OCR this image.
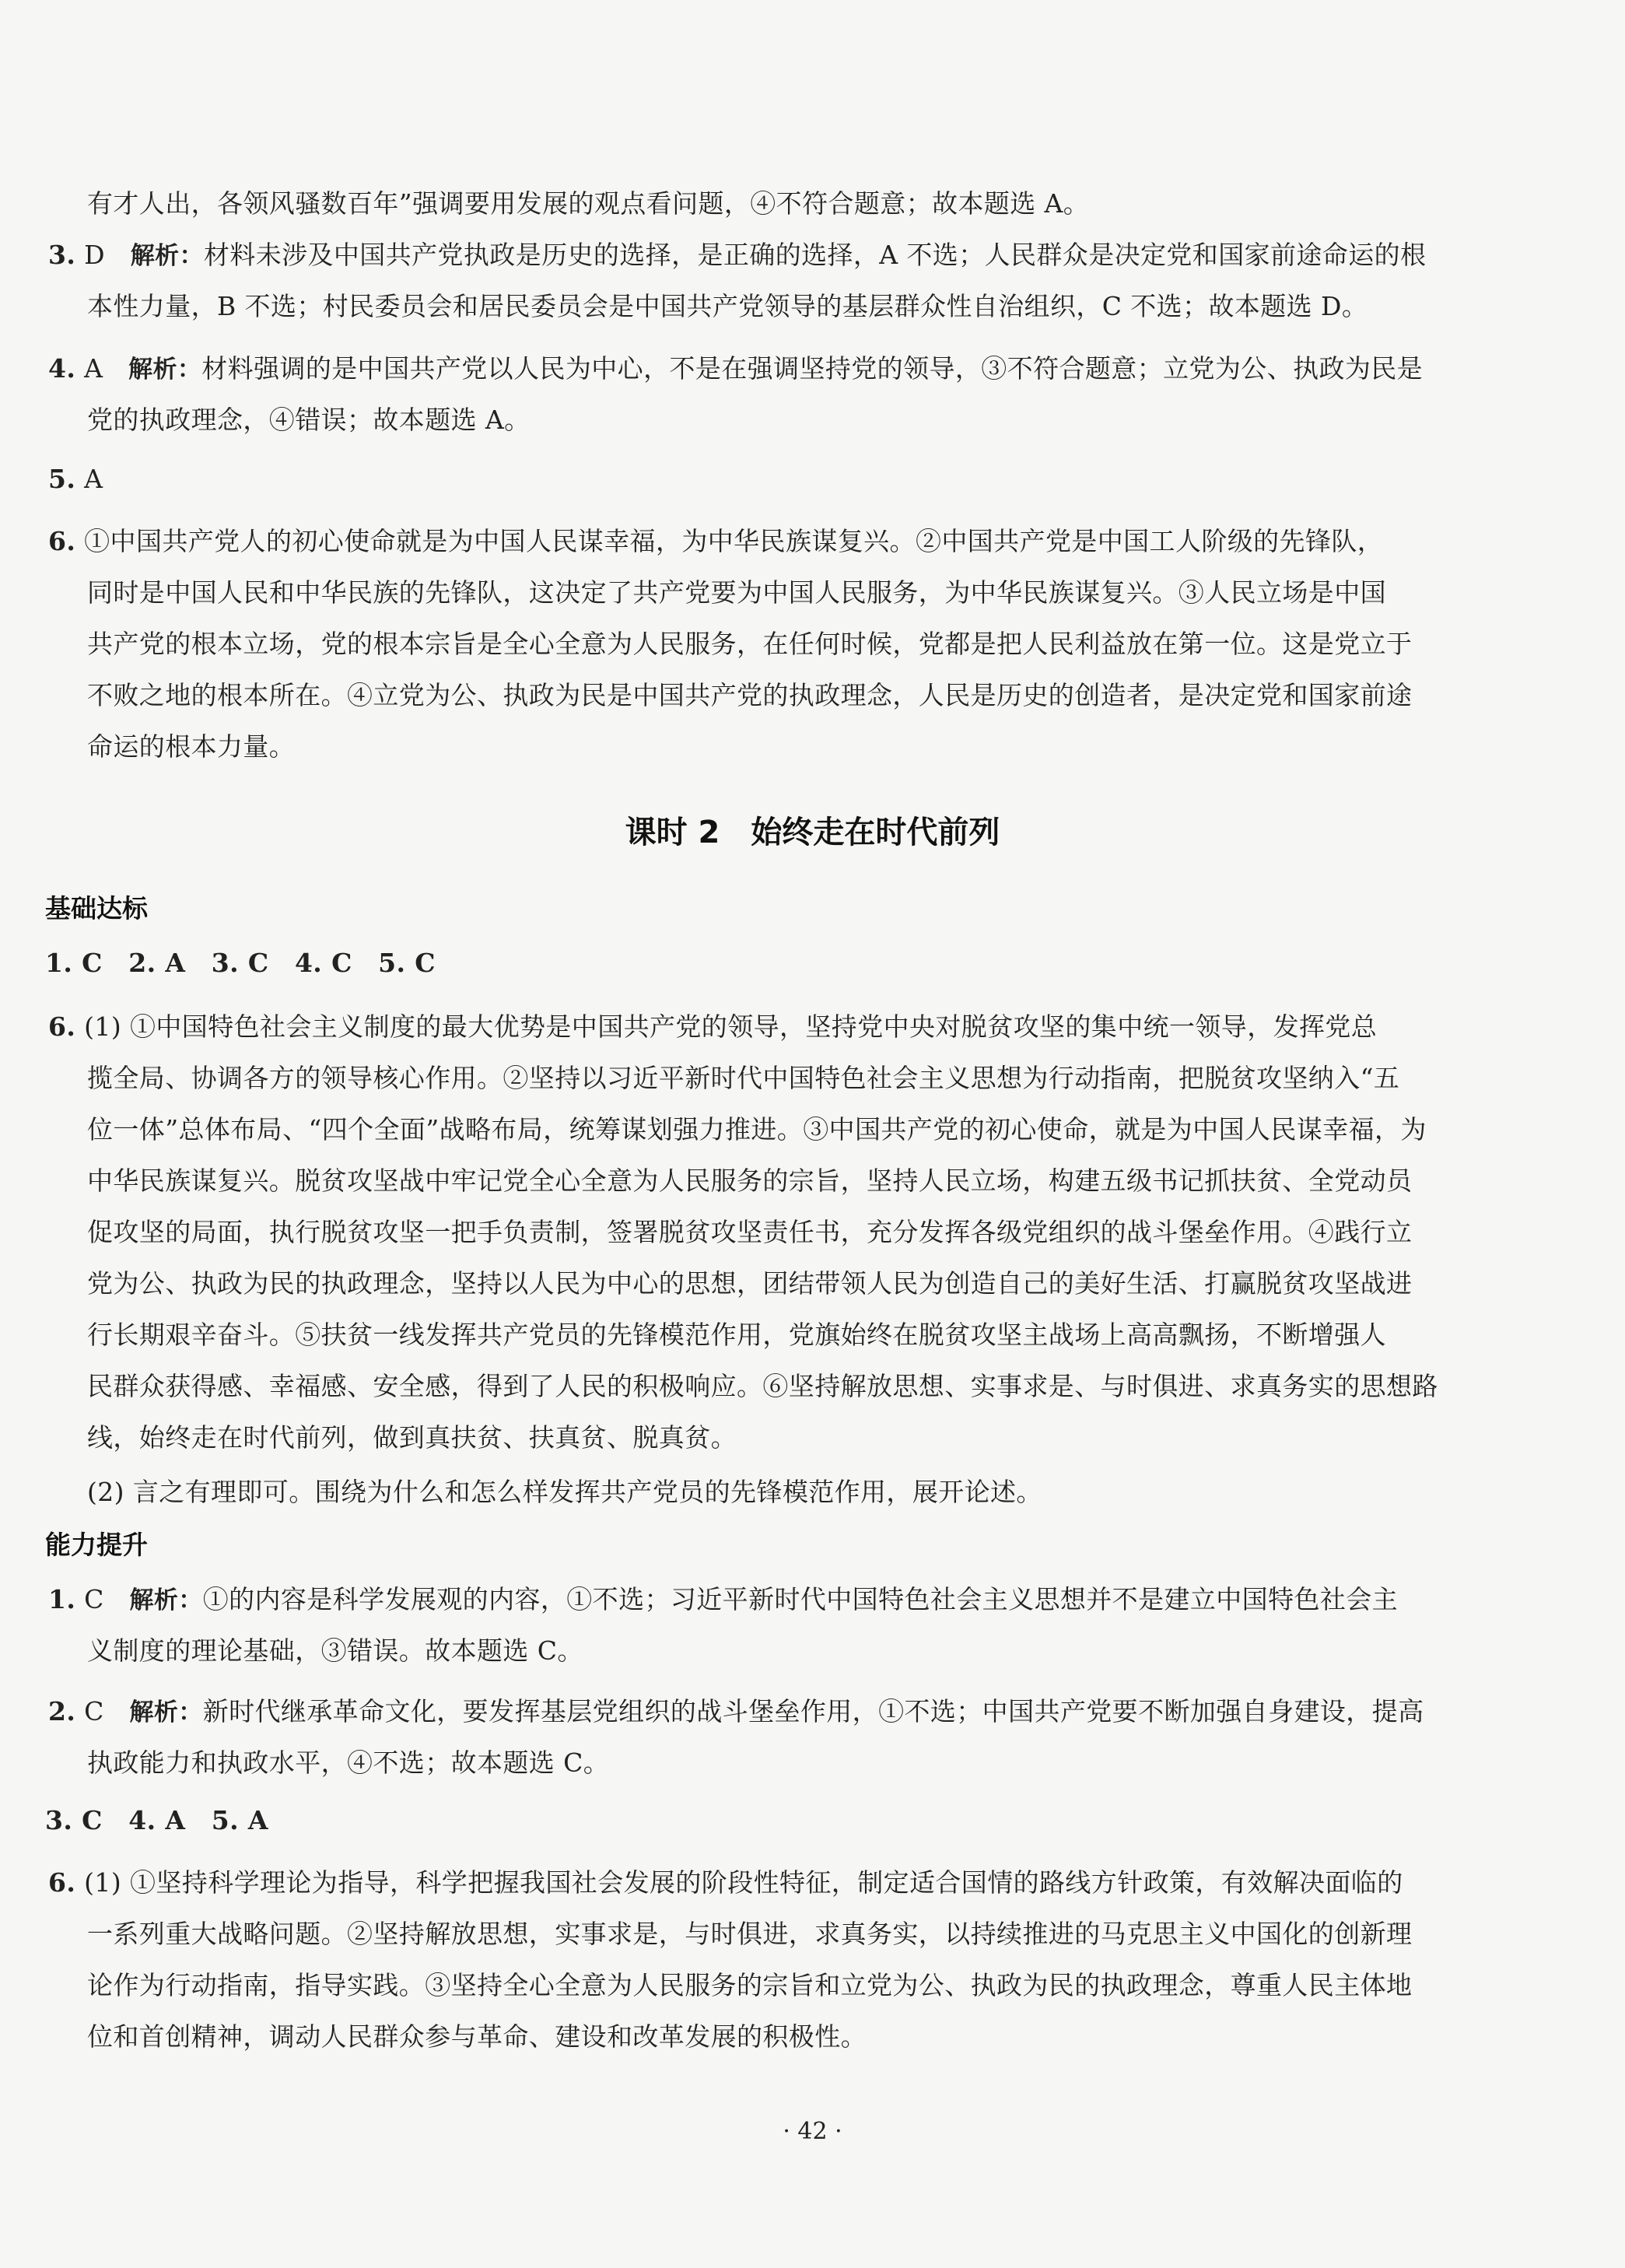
有才人出，各领风骚数百年”强调要用发展的观点看问题，④不符合题意；故本题选 A。
3. D 解析：材料未涉及中国共产党执政是历史的选择，是正确的选择，A 不选；人民群众是决定党和国家前途命运的根
本性力量，B 不选；村民委员会和居民委员会是中国共产党领导的基层群众性自治组织，C 不选；故本题选 D。
4. A 解析：材料强调的是中国共产党以人民为中心，不是在强调坚持党的领导，③不符合题意；立党为公、执政为民是
党的执政理念，④错误；故本题选 A。
5. A
6. ①中国共产党人的初心使命就是为中国人民谋幸福，为中华民族谋复兴。②中国共产党是中国工人阶级的先锋队，
同时是中国人民和中华民族的先锋队，这决定了共产党要为中国人民服务，为中华民族谋复兴。③人民立场是中国
共产党的根本立场，党的根本宗旨是全心全意为人民服务，在任何时候，党都是把人民利益放在第一位。这是党立于
不败之地的根本所在。④立党为公、执政为民是中国共产党的执政理念，人民是历史的创造者，是决定党和国家前途
命运的根本力量。
课时 2　始终走在时代前列
基础达标
1. C　2. A　3. C　4. C　5. C
6. (1) ①中国特色社会主义制度的最大优势是中国共产党的领导，坚持党中央对脱贫攻坚的集中统一领导，发挥党总
揽全局、协调各方的领导核心作用。②坚持以习近平新时代中国特色社会主义思想为行动指南，把脱贫攻坚纳入“五
位一体”总体布局、“四个全面”战略布局，统筹谋划强力推进。③中国共产党的初心使命，就是为中国人民谋幸福，为
中华民族谋复兴。脱贫攻坚战中牢记党全心全意为人民服务的宗旨，坚持人民立场，构建五级书记抓扶贫、全党动员
促攻坚的局面，执行脱贫攻坚一把手负责制，签署脱贫攻坚责任书，充分发挥各级党组织的战斗堡垒作用。④践行立
党为公、执政为民的执政理念，坚持以人民为中心的思想，团结带领人民为创造自己的美好生活、打赢脱贫攻坚战进
行长期艰辛奋斗。⑤扶贫一线发挥共产党员的先锋模范作用，党旗始终在脱贫攻坚主战场上高高飘扬，不断增强人
民群众获得感、幸福感、安全感，得到了人民的积极响应。⑥坚持解放思想、实事求是、与时俱进、求真务实的思想路
线，始终走在时代前列，做到真扶贫、扶真贫、脱真贫。
(2) 言之有理即可。围绕为什么和怎么样发挥共产党员的先锋模范作用，展开论述。
能力提升
1. C 解析：①的内容是科学发展观的内容，①不选；习近平新时代中国特色社会主义思想并不是建立中国特色社会主
义制度的理论基础，③错误。故本题选 C。
2. C 解析：新时代继承革命文化，要发挥基层党组织的战斗堡垒作用，①不选；中国共产党要不断加强自身建设，提高
执政能力和执政水平，④不选；故本题选 C。
3. C　4. A　5. A
6. (1) ①坚持科学理论为指导，科学把握我国社会发展的阶段性特征，制定适合国情的路线方针政策，有效解决面临的
一系列重大战略问题。②坚持解放思想，实事求是，与时俱进，求真务实，以持续推进的马克思主义中国化的创新理
论作为行动指南，指导实践。③坚持全心全意为人民服务的宗旨和立党为公、执政为民的执政理念，尊重人民主体地
位和首创精神，调动人民群众参与革命、建设和改革发展的积极性。
· 42 ·
